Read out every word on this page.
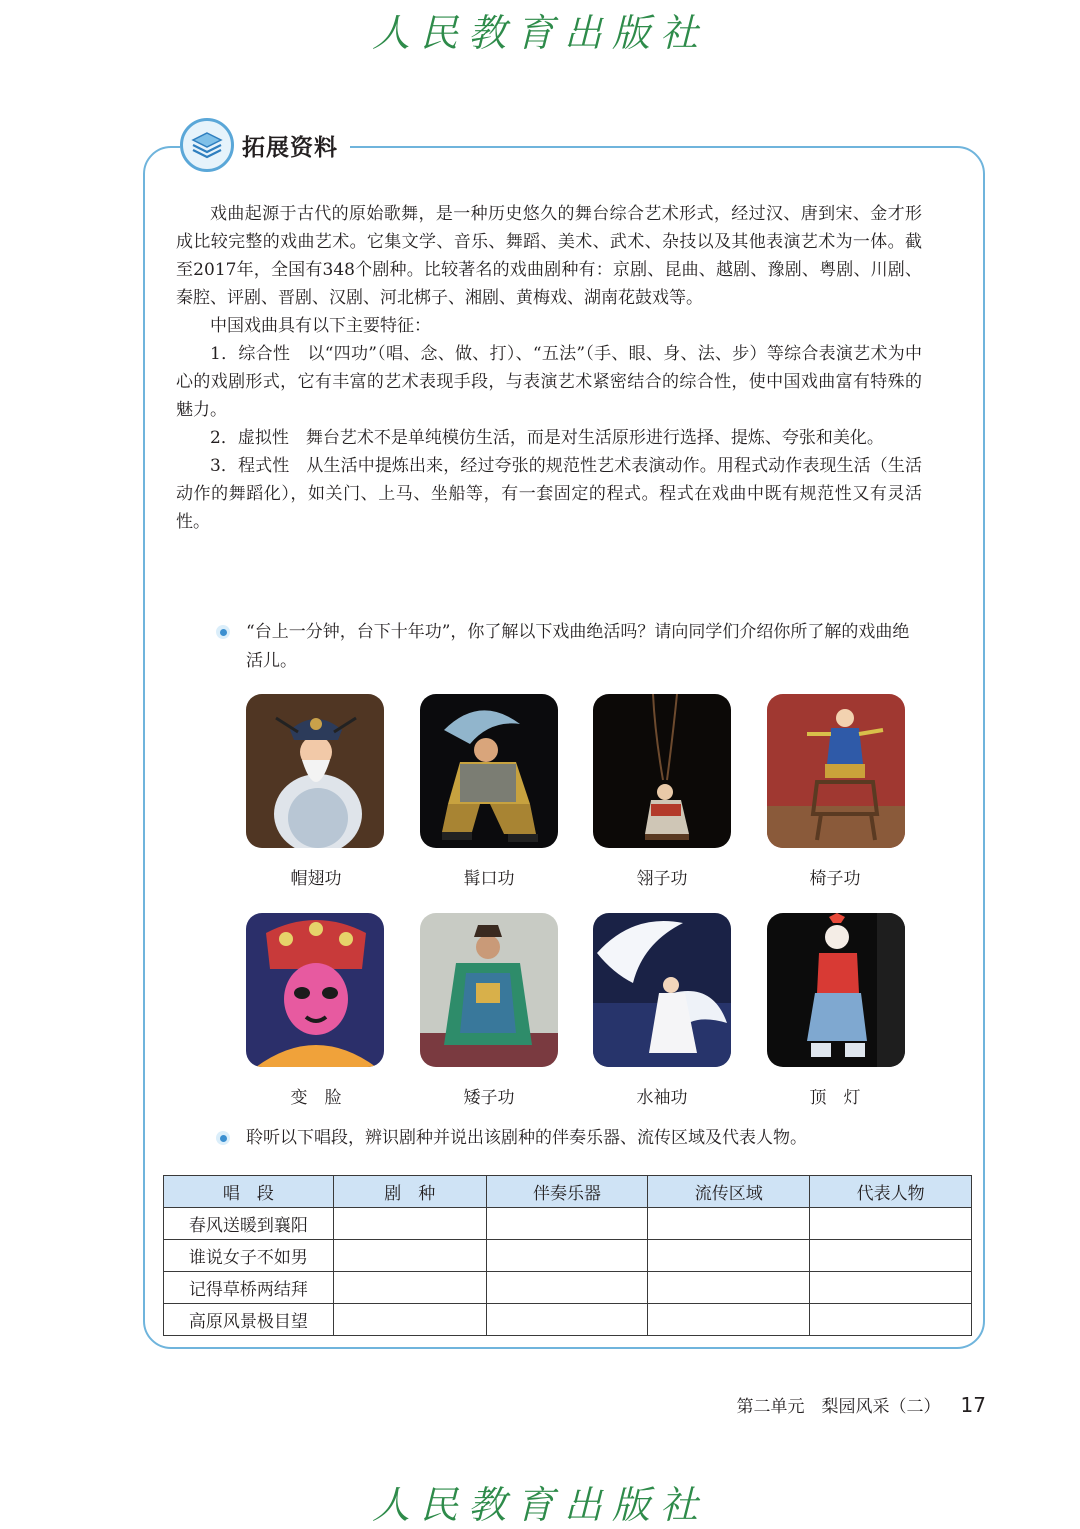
人民教育出版社
拓展资料

戏曲起源于古代的原始歌舞，是一种历史悠久的舞台综合艺术形式，经过汉、唐到宋、金才形成比较完整的戏曲艺术。它集文学、音乐、舞蹈、美术、武术、杂技以及其他表演艺术为一体。截至2017年，全国有348个剧种。比较著名的戏曲剧种有：京剧、昆曲、越剧、豫剧、粤剧、川剧、秦腔、评剧、晋剧、汉剧、河北梆子、湘剧、黄梅戏、湖南花鼓戏等。

中国戏曲具有以下主要特征：

1．综合性　以“四功”（唱、念、做、打）、“五法”（手、眼、身、法、步）等综合表演艺术为中心的戏剧形式，它有丰富的艺术表现手段，与表演艺术紧密结合的综合性，使中国戏曲富有特殊的魅力。

2．虚拟性　舞台艺术不是单纯模仿生活，而是对生活原形进行选择、提炼、夸张和美化。

3．程式性　从生活中提炼出来，经过夸张的规范性艺术表演动作。用程式动作表现生活（生活动作的舞蹈化），如关门、上马、坐船等，有一套固定的程式。程式在戏曲中既有规范性又有灵活性。

“台上一分钟，台下十年功”，你了解以下戏曲绝活吗？请向同学们介绍你所了解的戏曲绝活儿。
帽翅功	髯口功	翎子功	椅子功
变　脸	矮子功	水袖功	顶　灯
聆听以下唱段，辨识剧种并说出该剧种的伴奏乐器、流传区域及代表人物。
唱　段	剧　种	伴奏乐器	流传区域	代表人物
春风送暖到襄阳				
谁说女子不如男				
记得草桥两结拜				
高原风景极目望				
第二单元　梨园风采（二） 17
人民教育出版社
